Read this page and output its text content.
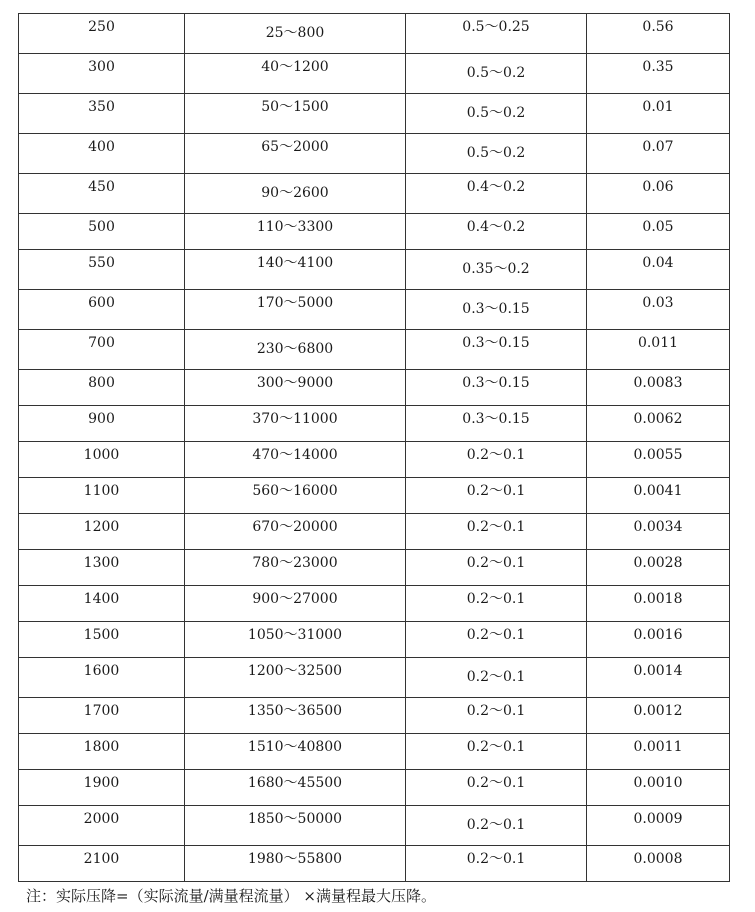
250	25～800	0.5～0.25	0.56
300	40～1200	0.5～0.2	0.35
350	50～1500	0.5～0.2	0.01
400	65～2000	0.5～0.2	0.07
450	90～2600	0.4～0.2	0.06
500	110～3300	0.4～0.2	0.05
550	140～4100	0.35～0.2	0.04
600	170～5000	0.3～0.15	0.03
700	230～6800	0.3～0.15	0.011
800	300～9000	0.3～0.15	0.0083
900	370～11000	0.3～0.15	0.0062
1000	470～14000	0.2～0.1	0.0055
1100	560～16000	0.2～0.1	0.0041
1200	670～20000	0.2～0.1	0.0034
1300	780～23000	0.2～0.1	0.0028
1400	900～27000	0.2～0.1	0.0018
1500	1050～31000	0.2～0.1	0.0016
1600	1200～32500	0.2～0.1	0.0014
1700	1350～36500	0.2～0.1	0.0012
1800	1510～40800	0.2～0.1	0.0011
1900	1680～45500	0.2～0.1	0.0010
2000	1850～50000	0.2～0.1	0.0009
2100	1980～55800	0.2～0.1	0.0008
注：实际压降=（实际流量/满量程流量） ×满量程最大压降。
